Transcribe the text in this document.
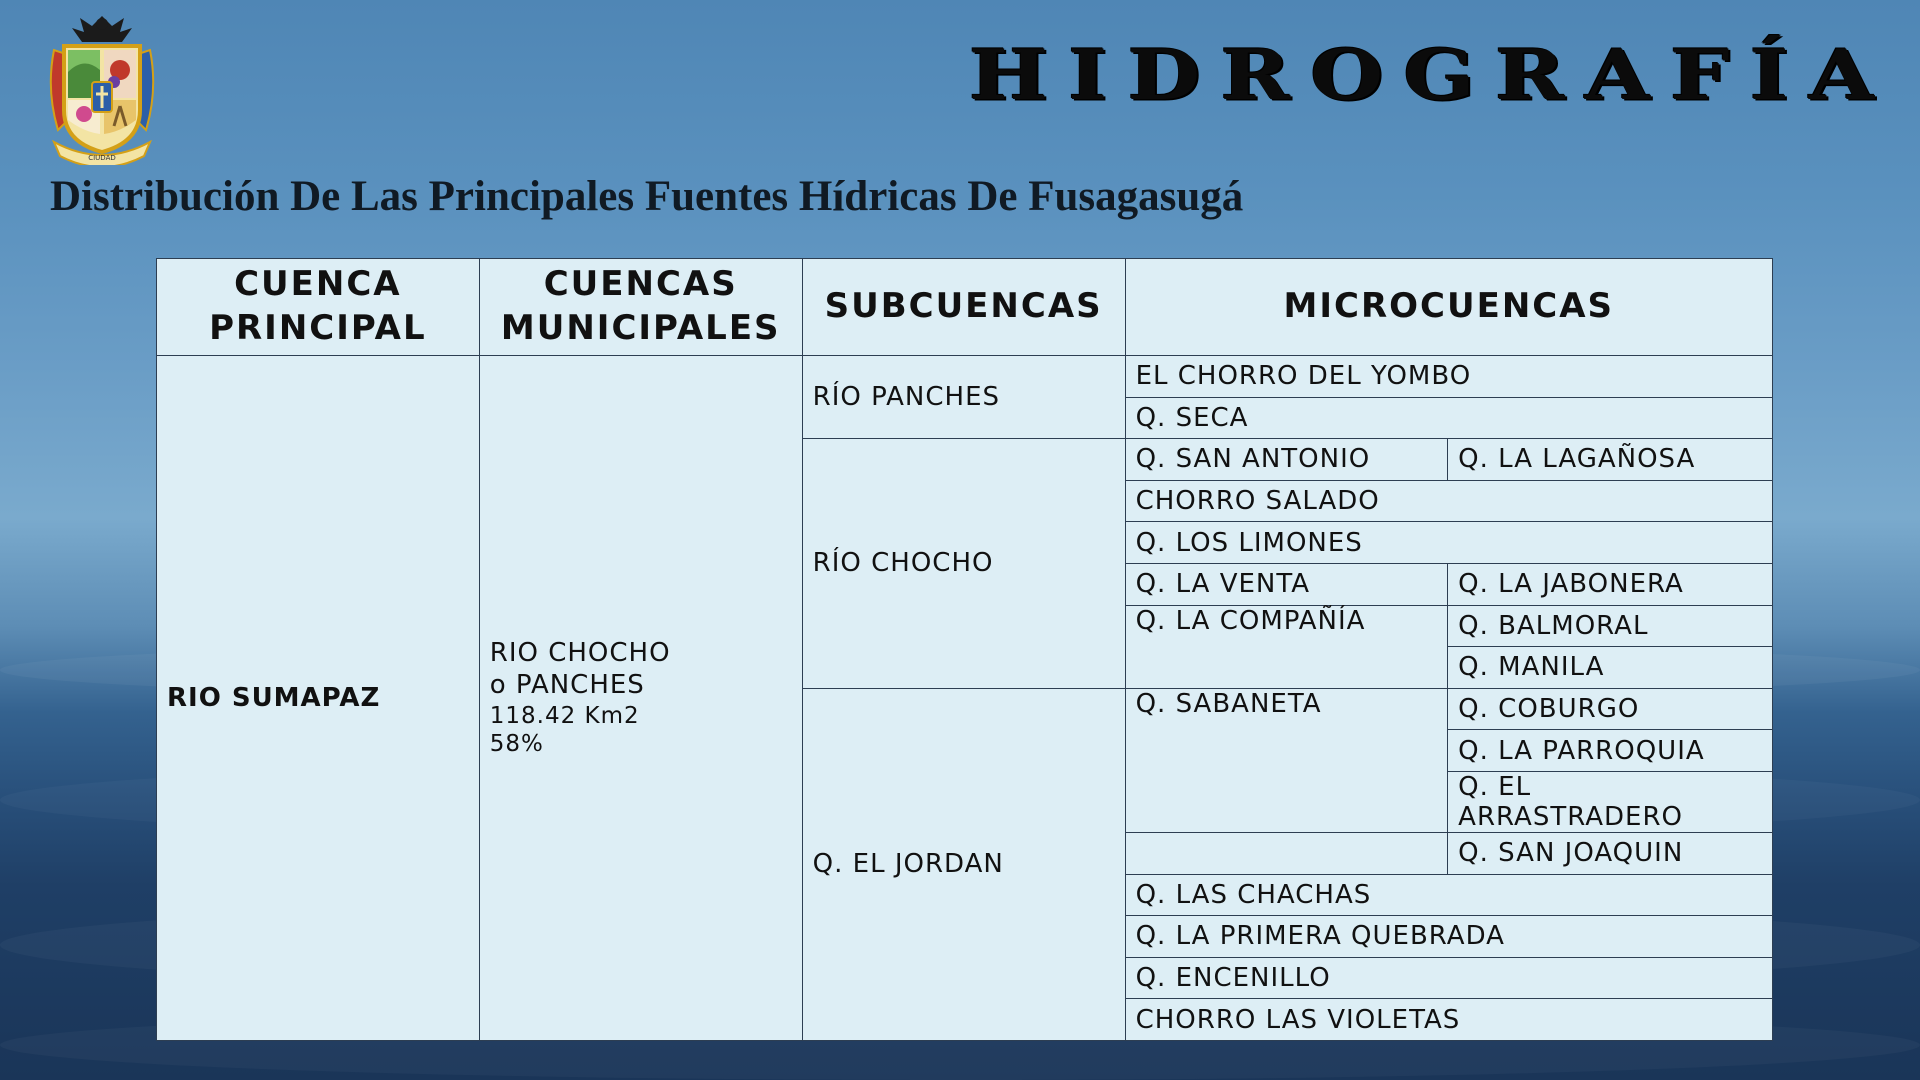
CIUDAD
HIDROGRAFÍA
Distribución De Las Principales Fuentes Hídricas De Fusagasugá
CUENCA PRINCIPAL	CUENCAS MUNICIPALES	SUBCUENCAS	MICROCUENCAS	
RIO SUMAPAZ	RIO CHOCHO
o PANCHES

118.42 Km2
58%	RÍO PANCHES	EL CHORRO DEL YOMBO	
			Q. SECA	
		RÍO CHOCHO	Q. SAN ANTONIO	Q. LA LAGAÑOSA
			CHORRO SALADO	
			Q. LOS LIMONES	
			Q. LA VENTA	Q. LA JABONERA
			Q. LA COMPAÑÍA	Q. BALMORAL
				Q. MANILA
		Q. EL JORDAN	Q. SABANETA	Q. COBURGO
				Q. LA PARROQUIA
				Q. EL ARRASTRADERO
				Q. SAN JOAQUIN
			Q. LAS CHACHAS	
			Q. LA PRIMERA QUEBRADA	
			Q. ENCENILLO	
			CHORRO LAS VIOLETAS	
